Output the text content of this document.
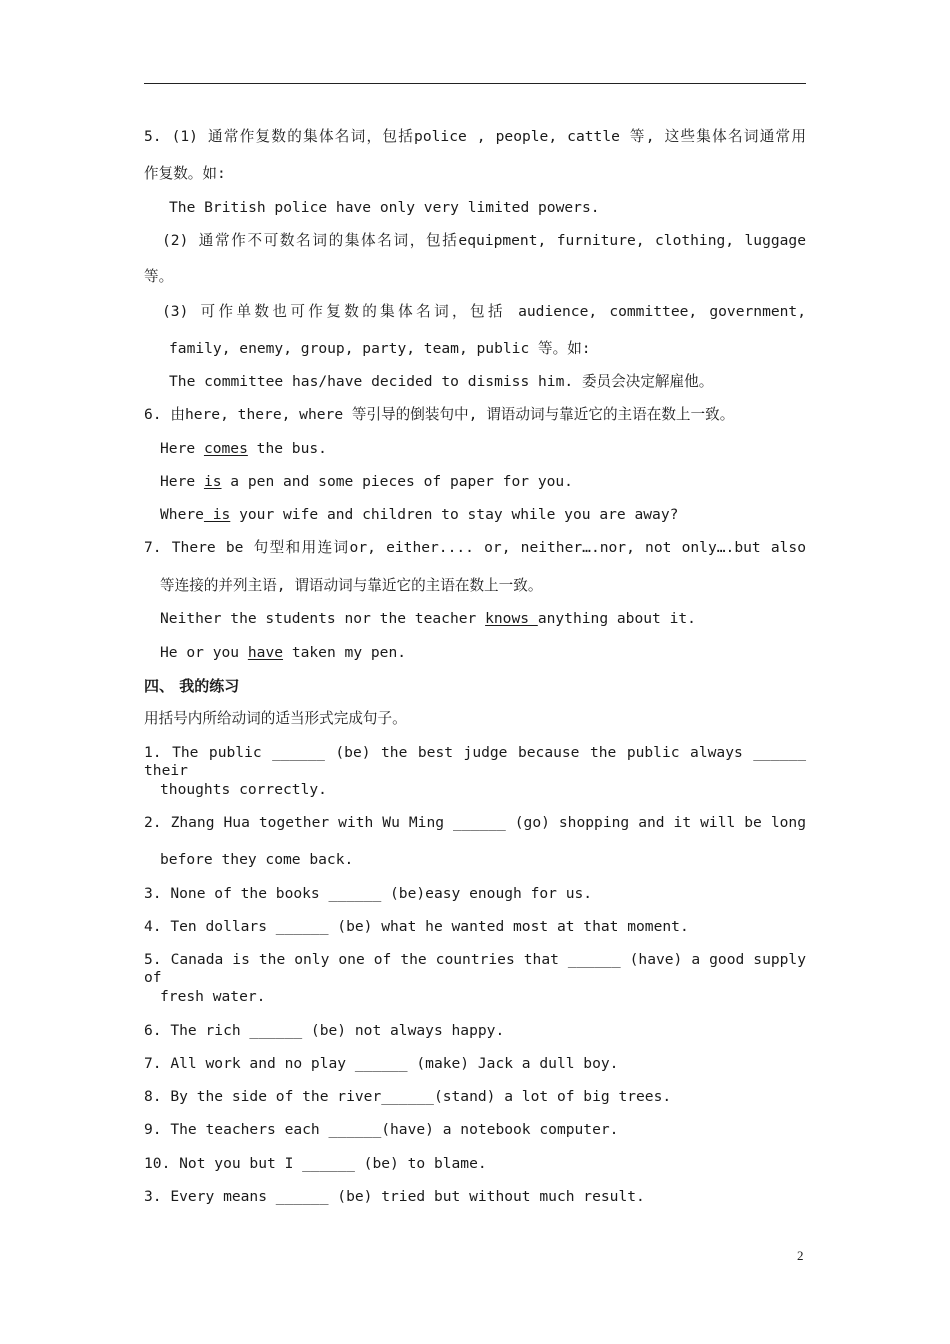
5. (1) 通常作复数的集体名词，包括police , people, cattle 等, 这些集体名词通常用
作复数。如:
The British police have only very limited powers.
(2) 通常作不可数名词的集体名词，包括equipment, furniture, clothing, luggage
等。
(3) 可作单数也可作复数的集体名词，包括 audience, committee, government,
family, enemy, group, party, team, public 等。如:
The committee has/have decided to dismiss him. 委员会决定解雇他。
6. 由here, there, where 等引导的倒装句中, 谓语动词与靠近它的主语在数上一致。
Here comes the bus.
Here is a pen and some pieces of paper for you.
Where is your wife and children to stay while you are away?
7. There be 句型和用连词or, either.... or, neither….nor, not only….but also
等连接的并列主语, 谓语动词与靠近它的主语在数上一致。
Neither the students nor the teacher knows anything about it.
He or you have taken my pen.
四、 我的练习
用括号内所给动词的适当形式完成句子。
1. The public ______ (be) the best judge because the public always ______ their
thoughts correctly.
2. Zhang Hua together with Wu Ming ______ (go) shopping and it will be long
before they come back.
3. None of the books ______ (be)easy enough for us.
4. Ten dollars ______ (be) what he wanted most at that moment.
5. Canada is the only one of the countries that ______ (have) a good supply of
fresh water.
6. The rich ______ (be) not always happy.
7. All work and no play ______ (make) Jack a dull boy.
8. By the side of the river______(stand) a lot of big trees.
9. The teachers each ______(have) a notebook computer.
10. Not you but I ______ (be) to blame.
3. Every means ______ (be) tried but without much result.
2
